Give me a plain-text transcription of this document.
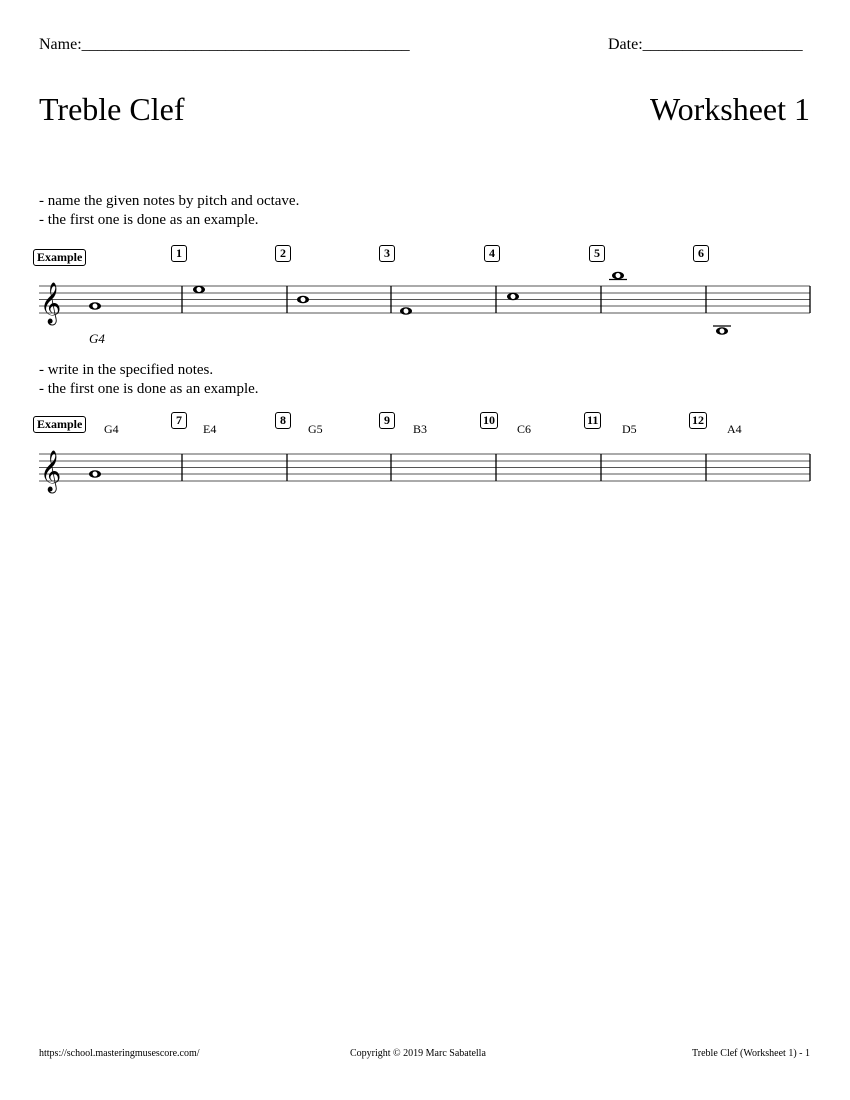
Name:_________________________________________	Date:____________________
Treble Clef	Worksheet 1
- name the given notes by pitch and octave.
- the first one is done as an example.
Example	1	2	3	4	5	6
𝄞
G4
- write in the specified notes.
- the first one is done as an example.
Example	G4
7
E4
8
G5
9
B3
10
C6
11
D5
12
A4
𝄞
https://school.masteringmusescore.com/	Copyright © 2019 Marc Sabatella	Treble Clef (Worksheet 1) - 1
